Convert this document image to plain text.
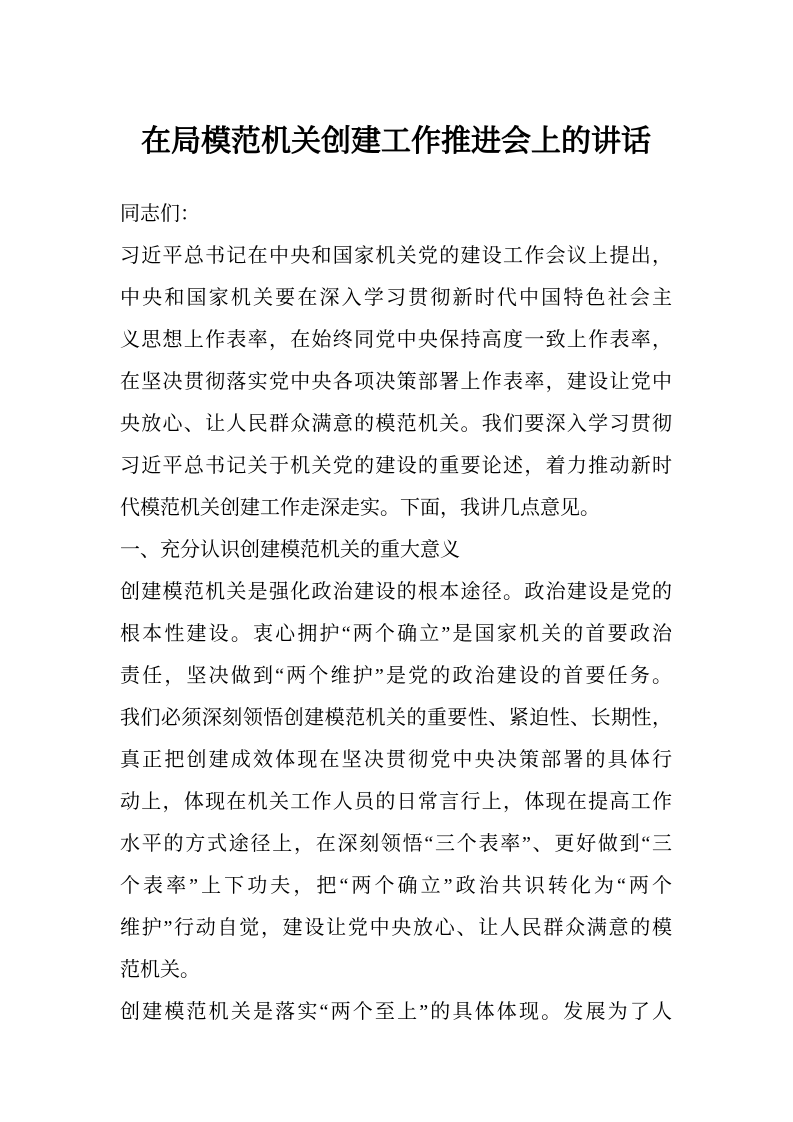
在局模范机关创建工作推进会上的讲话
同志们：
习近平总书记在中央和国家机关党的建设工作会议上提出，
中央和国家机关要在深入学习贯彻新时代中国特色社会主
义思想上作表率，在始终同党中央保持高度一致上作表率，
在坚决贯彻落实党中央各项决策部署上作表率，建设让党中
央放心、让人民群众满意的模范机关。我们要深入学习贯彻
习近平总书记关于机关党的建设的重要论述，着力推动新时
代模范机关创建工作走深走实。下面，我讲几点意见。
一、充分认识创建模范机关的重大意义
创建模范机关是强化政治建设的根本途径。政治建设是党的
根本性建设。衷心拥护“两个确立”是国家机关的首要政治
责任，坚决做到“两个维护”是党的政治建设的首要任务。
我们必须深刻领悟创建模范机关的重要性、紧迫性、长期性，
真正把创建成效体现在坚决贯彻党中央决策部署的具体行
动上，体现在机关工作人员的日常言行上，体现在提高工作
水平的方式途径上，在深刻领悟“三个表率”、更好做到“三
个表率”上下功夫，把“两个确立”政治共识转化为“两个
维护”行动自觉，建设让党中央放心、让人民群众满意的模
范机关。
创建模范机关是落实“两个至上”的具体体现。发展为了人
